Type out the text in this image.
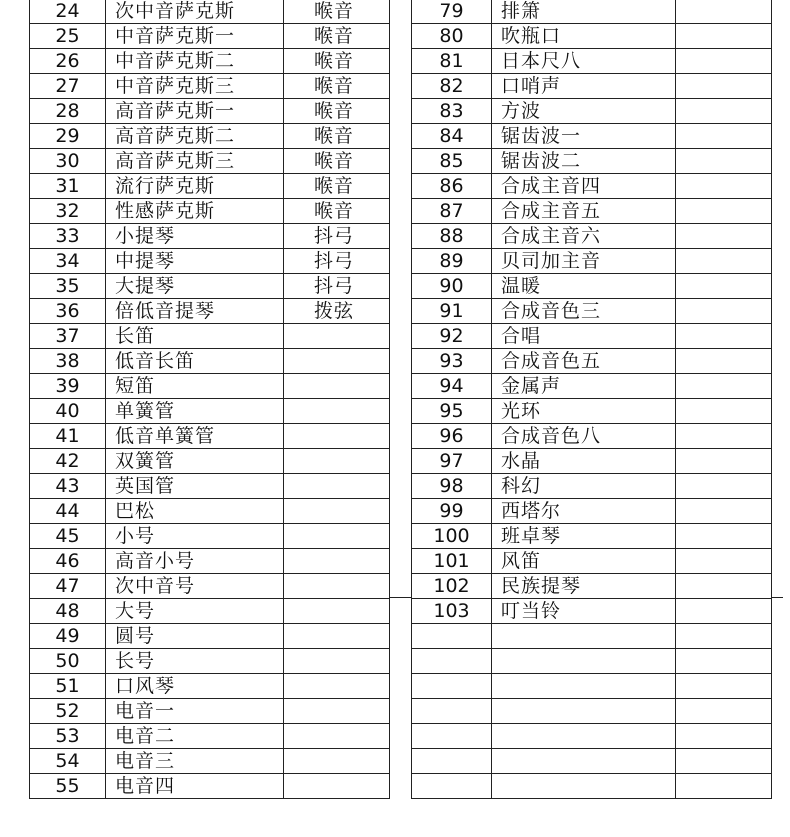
24	次中音萨克斯	喉音
25	中音萨克斯一	喉音
26	中音萨克斯二	喉音
27	中音萨克斯三	喉音
28	高音萨克斯一	喉音
29	高音萨克斯二	喉音
30	高音萨克斯三	喉音
31	流行萨克斯	喉音
32	性感萨克斯	喉音
33	小提琴	抖弓
34	中提琴	抖弓
35	大提琴	抖弓
36	倍低音提琴	拨弦
37	长笛	
38	低音长笛	
39	短笛	
40	单簧管	
41	低音单簧管	
42	双簧管	
43	英国管	
44	巴松	
45	小号	
46	高音小号	
47	次中音号	
48	大号	
49	圆号	
50	长号	
51	口风琴	
52	电音一	
53	电音二	
54	电音三	
55	电音四	
79	排箫	
80	吹瓶口	
81	日本尺八	
82	口哨声	
83	方波	
84	锯齿波一	
85	锯齿波二	
86	合成主音四	
87	合成主音五	
88	合成主音六	
89	贝司加主音	
90	温暖	
91	合成音色三	
92	合唱	
93	合成音色五	
94	金属声	
95	光环	
96	合成音色八	
97	水晶	
98	科幻	
99	西塔尔	
100	班卓琴	
101	风笛	
102	民族提琴	
103	叮当铃	
